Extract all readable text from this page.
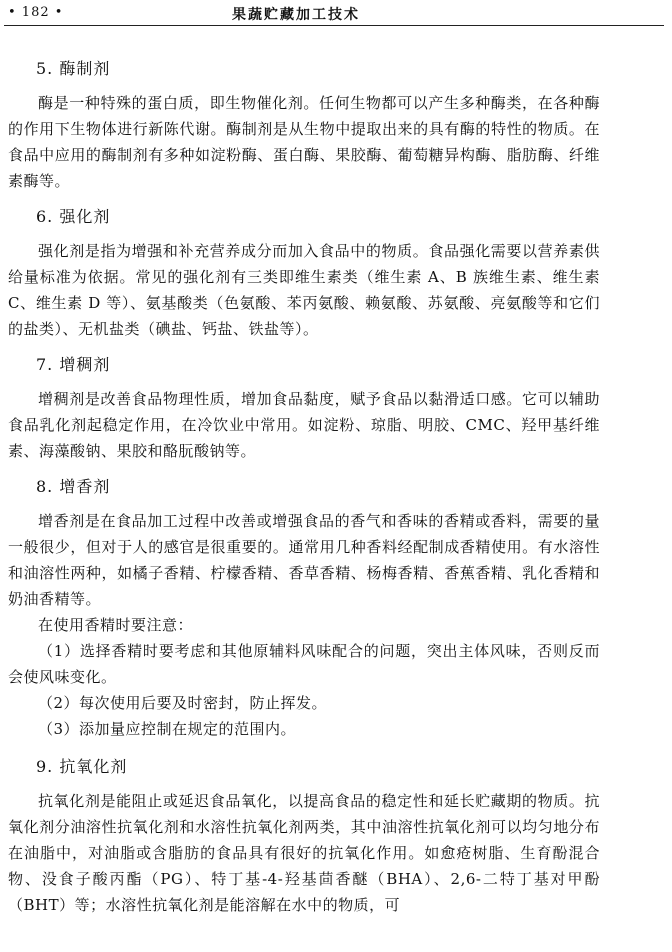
• 182 •	果蔬贮藏加工技术
5. 酶制剂

酶是一种特殊的蛋白质，即生物催化剂。任何生物都可以产生多种酶类，在各种酶的作用下生物体进行新陈代谢。酶制剂是从生物中提取出来的具有酶的特性的物质。在食品中应用的酶制剂有多种如淀粉酶、蛋白酶、果胶酶、葡萄糖异构酶、脂肪酶、纤维素酶等。

6. 强化剂

强化剂是指为增强和补充营养成分而加入食品中的物质。食品强化需要以营养素供给量标准为依据。常见的强化剂有三类即维生素类（维生素 A、B 族维生素、维生素 C、维生素 D 等）、氨基酸类（色氨酸、苯丙氨酸、赖氨酸、苏氨酸、亮氨酸等和它们的盐类）、无机盐类（碘盐、钙盐、铁盐等）。

7. 增稠剂

增稠剂是改善食品物理性质，增加食品黏度，赋予食品以黏滑适口感。它可以辅助食品乳化剂起稳定作用，在冷饮业中常用。如淀粉、琼脂、明胶、CMC、羟甲基纤维素、海藻酸钠、果胶和酪朊酸钠等。

8. 增香剂

增香剂是在食品加工过程中改善或增强食品的香气和香味的香精或香料，需要的量一般很少，但对于人的感官是很重要的。通常用几种香料经配制成香精使用。有水溶性和油溶性两种，如橘子香精、柠檬香精、香草香精、杨梅香精、香蕉香精、乳化香精和奶油香精等。

在使用香精时要注意：

（1）选择香精时要考虑和其他原辅料风味配合的问题，突出主体风味，否则反而会使风味变化。

（2）每次使用后要及时密封，防止挥发。

（3）添加量应控制在规定的范围内。

9. 抗氧化剂

抗氧化剂是能阻止或延迟食品氧化，以提高食品的稳定性和延长贮藏期的物质。抗氧化剂分油溶性抗氧化剂和水溶性抗氧化剂两类，其中油溶性抗氧化剂可以均匀地分布在油脂中，对油脂或含脂肪的食品具有很好的抗氧化作用。如愈疮树脂、生育酚混合物、没食子酸丙酯（PG）、特丁基-4-羟基茴香醚（BHA）、2,6-二特丁基对甲酚（BHT）等；水溶性抗氧化剂是能溶解在水中的物质，可
